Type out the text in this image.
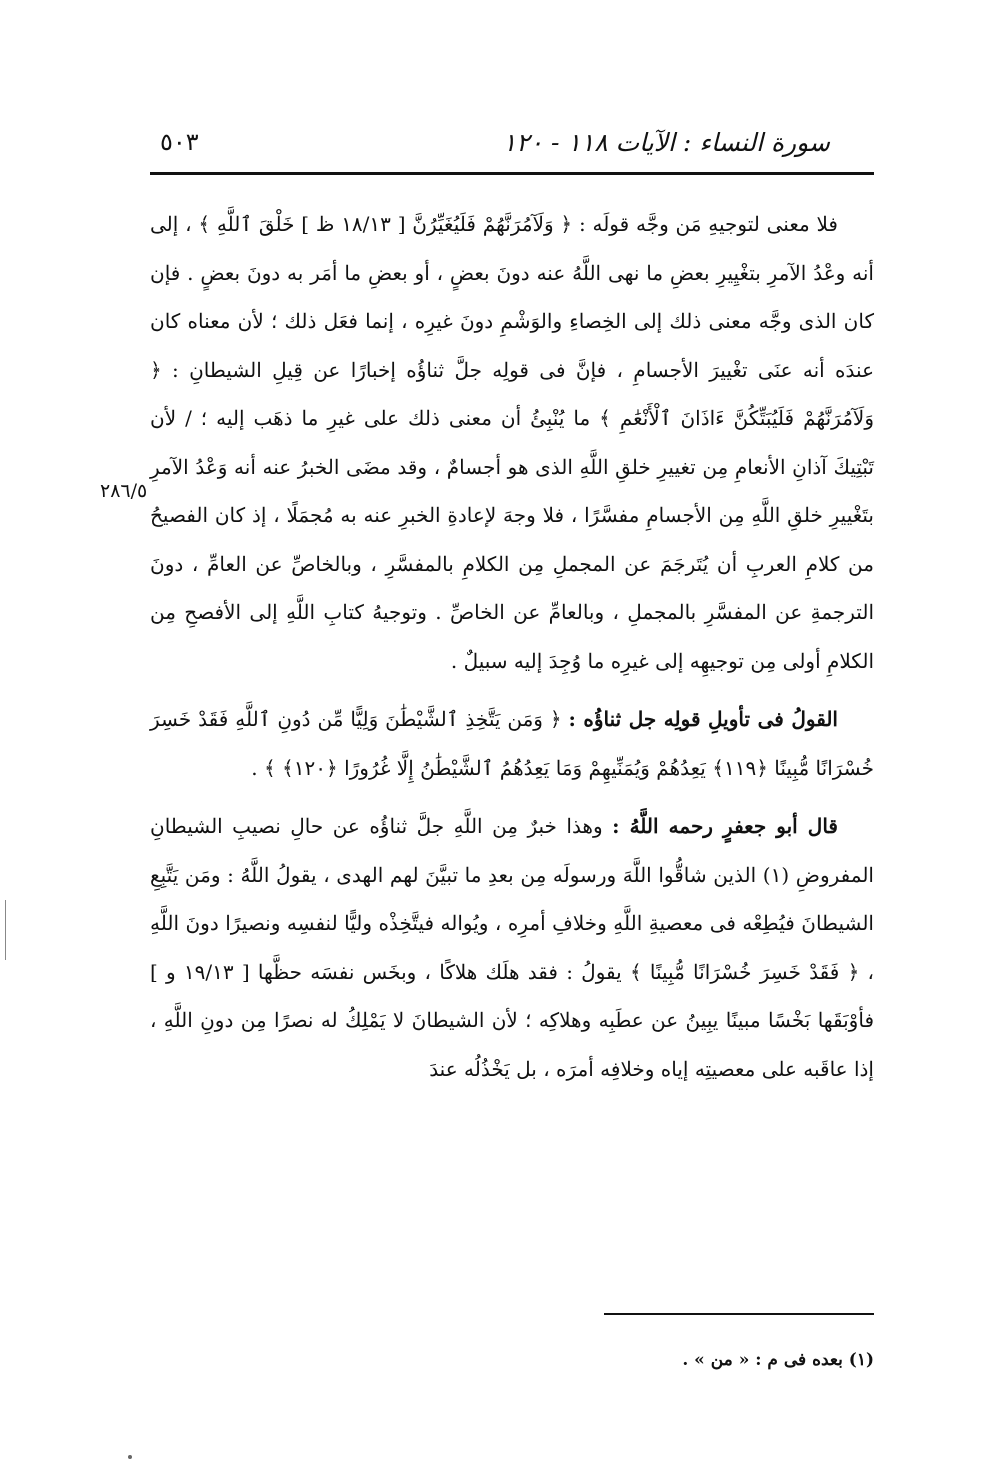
سورة النساء : الآيات ١١٨ - ١٢٠
٥٠٣
٢٨٦/٥

فلا معنى لتوجيهِ مَن وجَّه قولَه : ﴿ وَلَآمُرَنَّهُمْ فَلَيُغَيِّرُنَّ [ ١٨/١٣ ظ ] خَلْقَ ٱللَّهِ ﴾ ، إلى أنه وعْدُ الآمرِ بتغْيِيرِ بعضِ ما نهى اللَّهُ عنه دونَ بعضٍ ، أو بعضِ ما أمَر به دونَ بعضٍ . فإن كان الذى وجَّه معنى ذلك إلى الخِصاءِ والوَشْمِ دونَ غيرِه ، إنما فعَل ذلك ؛ لأن معناه كان عندَه أنه عنَى تغْييرَ الأجسامِ ، فإنَّ فى قولِه جلَّ ثناؤُه إخبارًا عن قِيلِ الشيطانِ : ﴿ وَلَآمُرَنَّهُمْ فَلَيُبَتِّكُنَّ ءَاذَانَ ٱلْأَنْعَٰمِ ﴾ ما يُنْبِئُ أن معنى ذلك على غيرِ ما ذهَب إليه ؛ / لأن تَبْتِيكَ آذانِ الأنعامِ مِن تغييرِ خلقِ اللَّهِ الذى هو أجسامٌ ، وقد مضَى الخبرُ عنه أنه وَعْدُ الآمرِ بتَغْييرِ خلقِ اللَّهِ مِن الأجسامِ مفسَّرًا ، فلا وجهَ لإعادةِ الخبرِ عنه به مُجمَلًا ، إذ كان الفصيحُ من كلامِ العربِ أن يُتَرجَمَ عن المجملِ مِن الكلامِ بالمفسَّرِ ، وبالخاصِّ عن العامِّ ، دونَ الترجمةِ عن المفسَّرِ بالمجملِ ، وبالعامِّ عن الخاصِّ . وتوجيهُ كتابِ اللَّهِ إلى الأفصحِ مِن الكلامِ أولى مِن توجيهِه إلى غيرِه ما وُجِدَ إليه سبيلٌ .

القولُ فى تأويلِ قولِه جل ثناؤُه : ﴿ وَمَن يَتَّخِذِ ٱلشَّيْطَٰنَ وَلِيًّا مِّن دُونِ ٱللَّهِ فَقَدْ خَسِرَ خُسْرَانًا مُّبِينًا ﴿١١٩﴾ يَعِدُهُمْ وَيُمَنِّيهِمْ وَمَا يَعِدُهُمُ ٱلشَّيْطَٰنُ إِلَّا غُرُورًا ﴿١٢٠﴾ ﴾ .

قال أبو جعفرٍ رحمه اللَّهُ : وهذا خبرٌ مِن اللَّهِ جلَّ ثناؤُه عن حالِ نصيبِ الشيطانِ المفروضِ (١) الذين شاقُّوا اللَّهَ ورسولَه مِن بعدِ ما تبيَّنَ لهم الهدى ، يقولُ اللَّهُ : ومَن يَتَّبِعِ الشيطانَ فيُطِعْه فى معصيةِ اللَّهِ وخلافِ أمرِه ، ويُواله فيتَّخِذْه وليًّا لنفسِه ونصيرًا دونَ اللَّهِ ، ﴿ فَقَدْ خَسِرَ خُسْرَانًا مُّبِينًا ﴾ يقولُ : فقد هلَك هلاكًا ، وبخَس نفسَه حظَّها [ ١٩/١٣ و ] فأوْبَقَها بَخْسًا مبينًا يبِينُ عن عطَبِه وهلاكِه ؛ لأن الشيطانَ لا يَمْلِكُ له نصرًا مِن دونِ اللَّهِ ، إذا عاقَبه على معصيتِه إياه وخلافِه أمرَه ، بل يَخْذُلُه عندَ

(١) بعده فى م : « من » .
